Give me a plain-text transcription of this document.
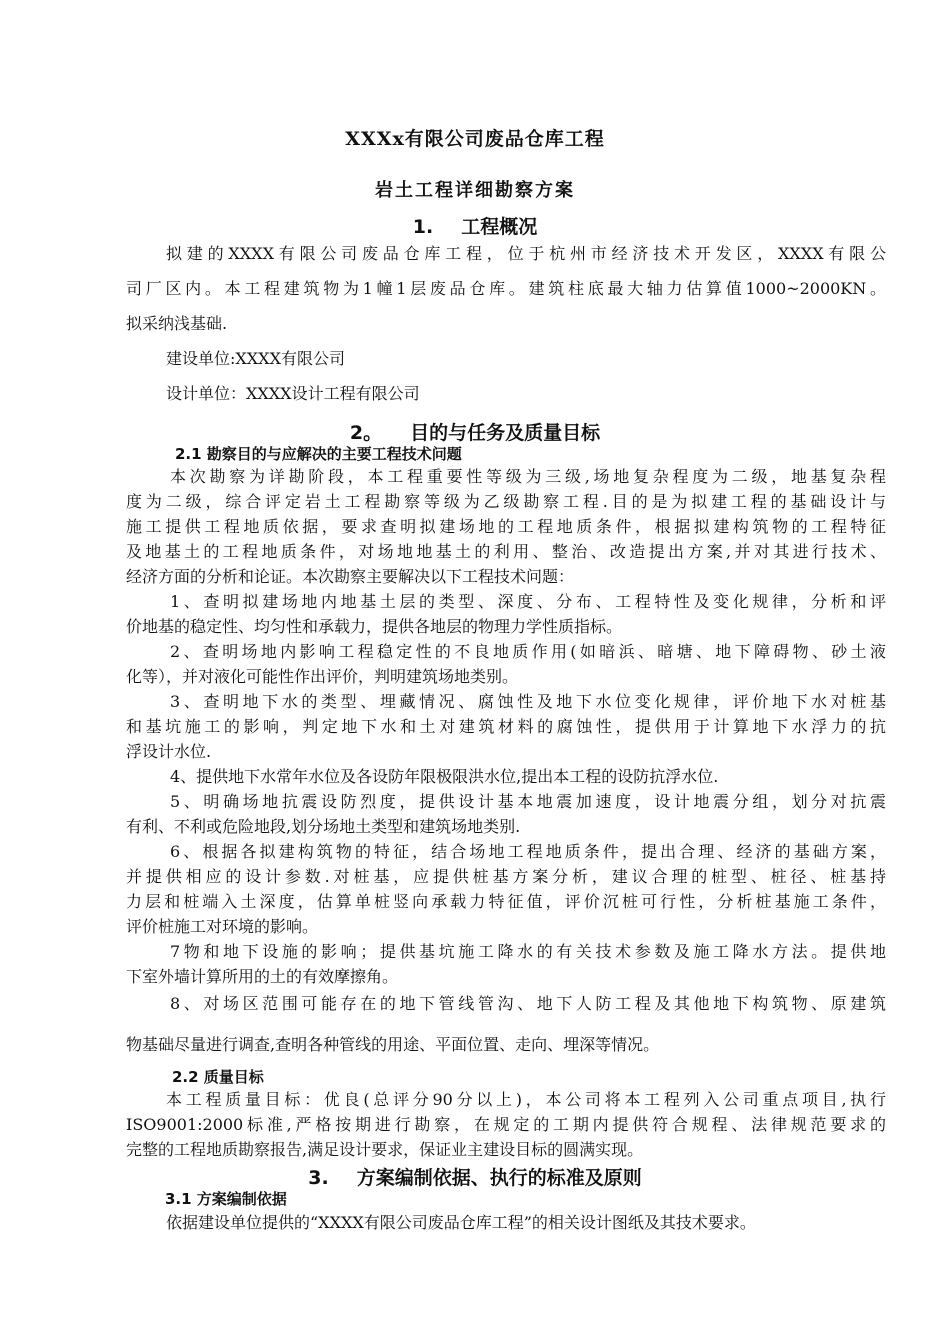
XXXx有限公司废品仓库工程
岩土工程详细勘察方案
1. 工程概况
拟建的XXXX有限公司废品仓库工程，位于杭州市经济技术开发区，XXXX有限公
司厂区内。本工程建筑物为1幢1层废品仓库。建筑柱底最大轴力估算值1000~2000KN。
拟采纳浅基础.
建设单位:XXXX有限公司
设计单位：XXXX设计工程有限公司
2。 目的与任务及质量目标
2.1 勘察目的与应解决的主要工程技术问题
本次勘察为详勘阶段，本工程重要性等级为三级,场地复杂程度为二级，地基复杂程
度为二级，综合评定岩土工程勘察等级为乙级勘察工程.目的是为拟建工程的基础设计与
施工提供工程地质依据，要求查明拟建场地的工程地质条件，根据拟建构筑物的工程特征
及地基土的工程地质条件，对场地地基土的利用、整治、改造提出方案,并对其进行技术、
经济方面的分析和论证。本次勘察主要解决以下工程技术问题：
1、查明拟建场地内地基土层的类型、深度、分布、工程特性及变化规律，分析和评
价地基的稳定性、均匀性和承载力，提供各地层的物理力学性质指标。
2、查明场地内影响工程稳定性的不良地质作用(如暗浜、暗塘、地下障碍物、砂土液
化等），并对液化可能性作出评价，判明建筑场地类别。
3、查明地下水的类型、埋藏情况、腐蚀性及地下水位变化规律，评价地下水对桩基
和基坑施工的影响，判定地下水和土对建筑材料的腐蚀性，提供用于计算地下水浮力的抗
浮设计水位.
4、提供地下水常年水位及各设防年限极限洪水位,提出本工程的设防抗浮水位.
5、明确场地抗震设防烈度，提供设计基本地震加速度，设计地震分组，划分对抗震
有利、不利或危险地段,划分场地土类型和建筑场地类别.
6、根据各拟建构筑物的特征，结合场地工程地质条件，提出合理、经济的基础方案，
并提供相应的设计参数.对桩基，应提供桩基方案分析，建议合理的桩型、桩径、桩基持
力层和桩端入土深度，估算单桩竖向承载力特征值，评价沉桩可行性，分析桩基施工条件，
评价桩施工对环境的影响。
7物和地下设施的影响；提供基坑施工降水的有关技术参数及施工降水方法。提供地
下室外墙计算所用的土的有效摩擦角。
8、对场区范围可能存在的地下管线管沟、地下人防工程及其他地下构筑物、原建筑
物基础尽量进行调查,查明各种管线的用途、平面位置、走向、埋深等情况。
2.2 质量目标
本工程质量目标：优良(总评分90分以上)，本公司将本工程列入公司重点项目,执行
ISO9001:2000标准,严格按期进行勘察，在规定的工期内提供符合规程、法律规范要求的
完整的工程地质勘察报告,满足设计要求，保证业主建设目标的圆满实现。
3. 方案编制依据、执行的标准及原则
3.1 方案编制依据
依据建设单位提供的“XXXX有限公司废品仓库工程”的相关设计图纸及其技术要求。
